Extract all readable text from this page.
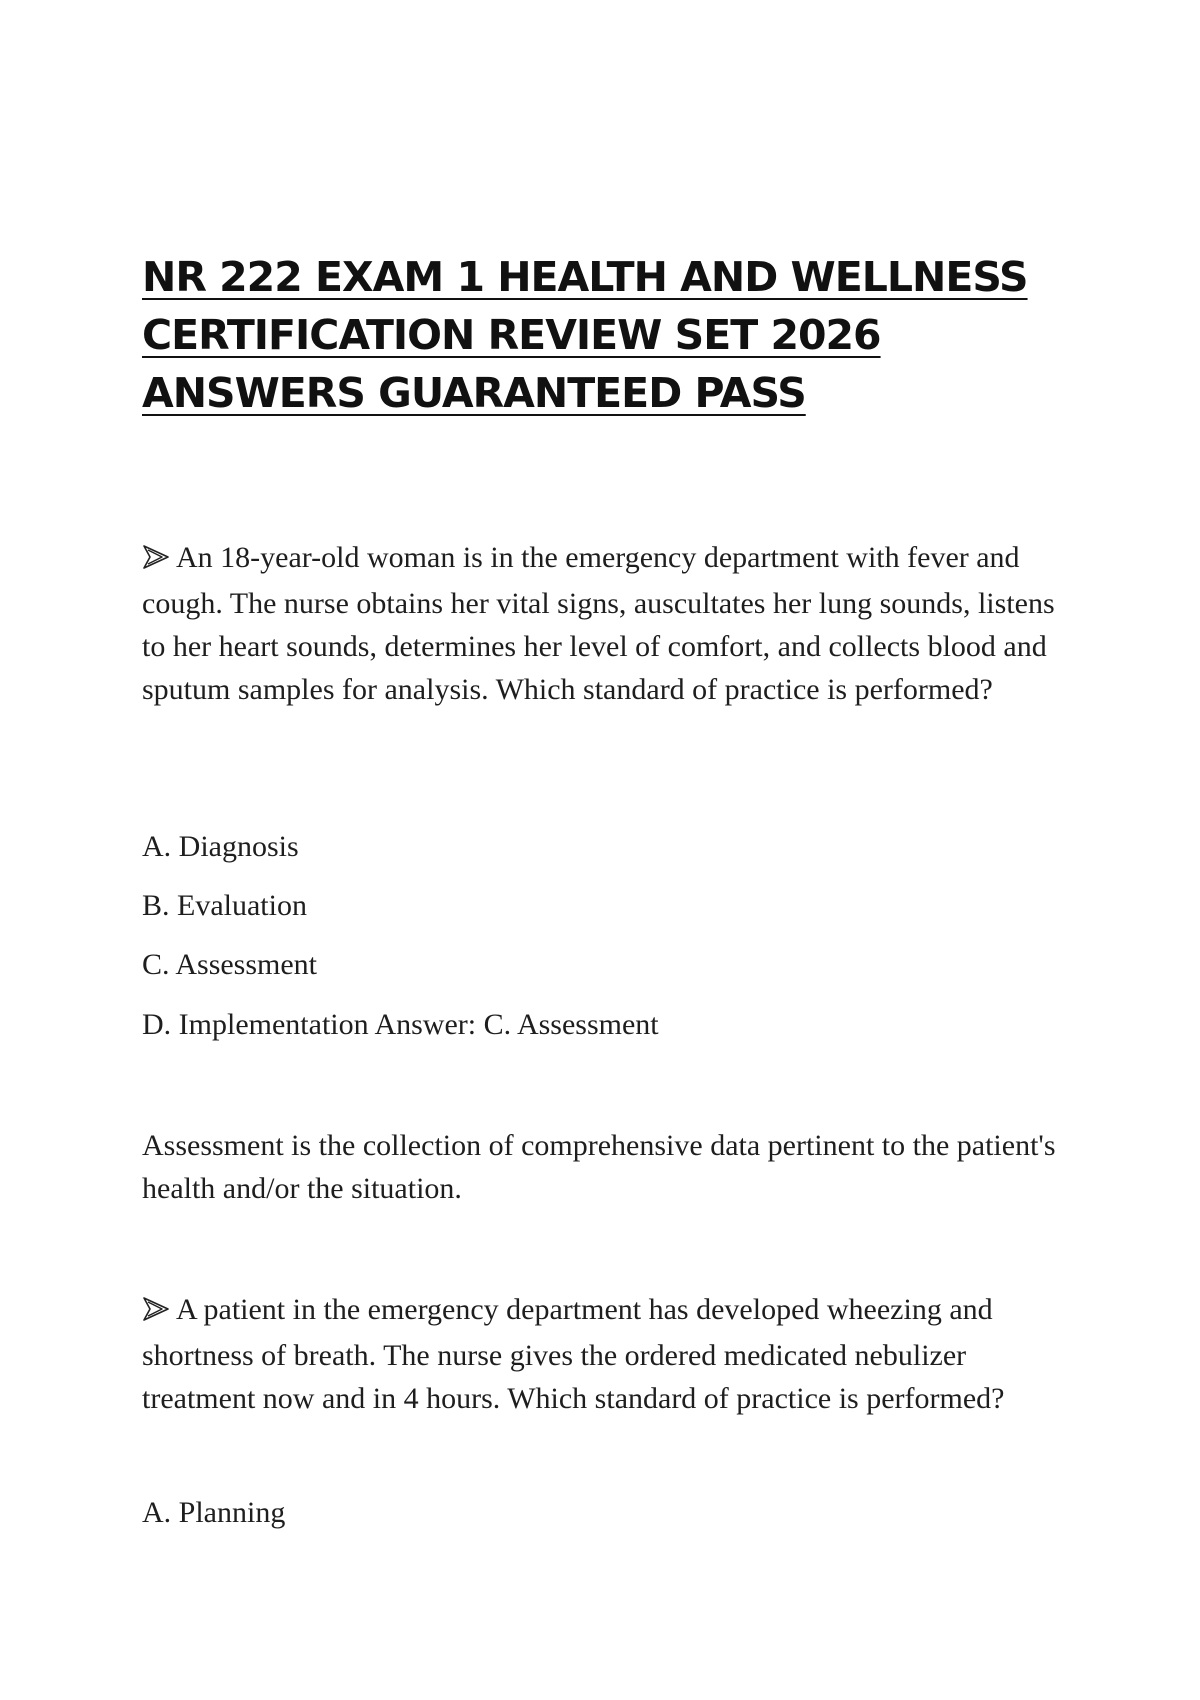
NR 222 EXAM 1 HEALTH AND WELLNESS
CERTIFICATION REVIEW SET 2026
ANSWERS GUARANTEED PASS

An 18-year-old woman is in the emergency department with fever and cough. The nurse obtains her vital signs, auscultates her lung sounds, listens to her heart sounds, determines her level of comfort, and collects blood and sputum samples for analysis. Which standard of practice is performed?

A. Diagnosis

B. Evaluation

C. Assessment

D. Implementation Answer: C. Assessment

Assessment is the collection of comprehensive data pertinent to the patient's health and/or the situation.

A patient in the emergency department has developed wheezing and shortness of breath. The nurse gives the ordered medicated nebulizer treatment now and in 4 hours. Which standard of practice is performed?

A. Planning
